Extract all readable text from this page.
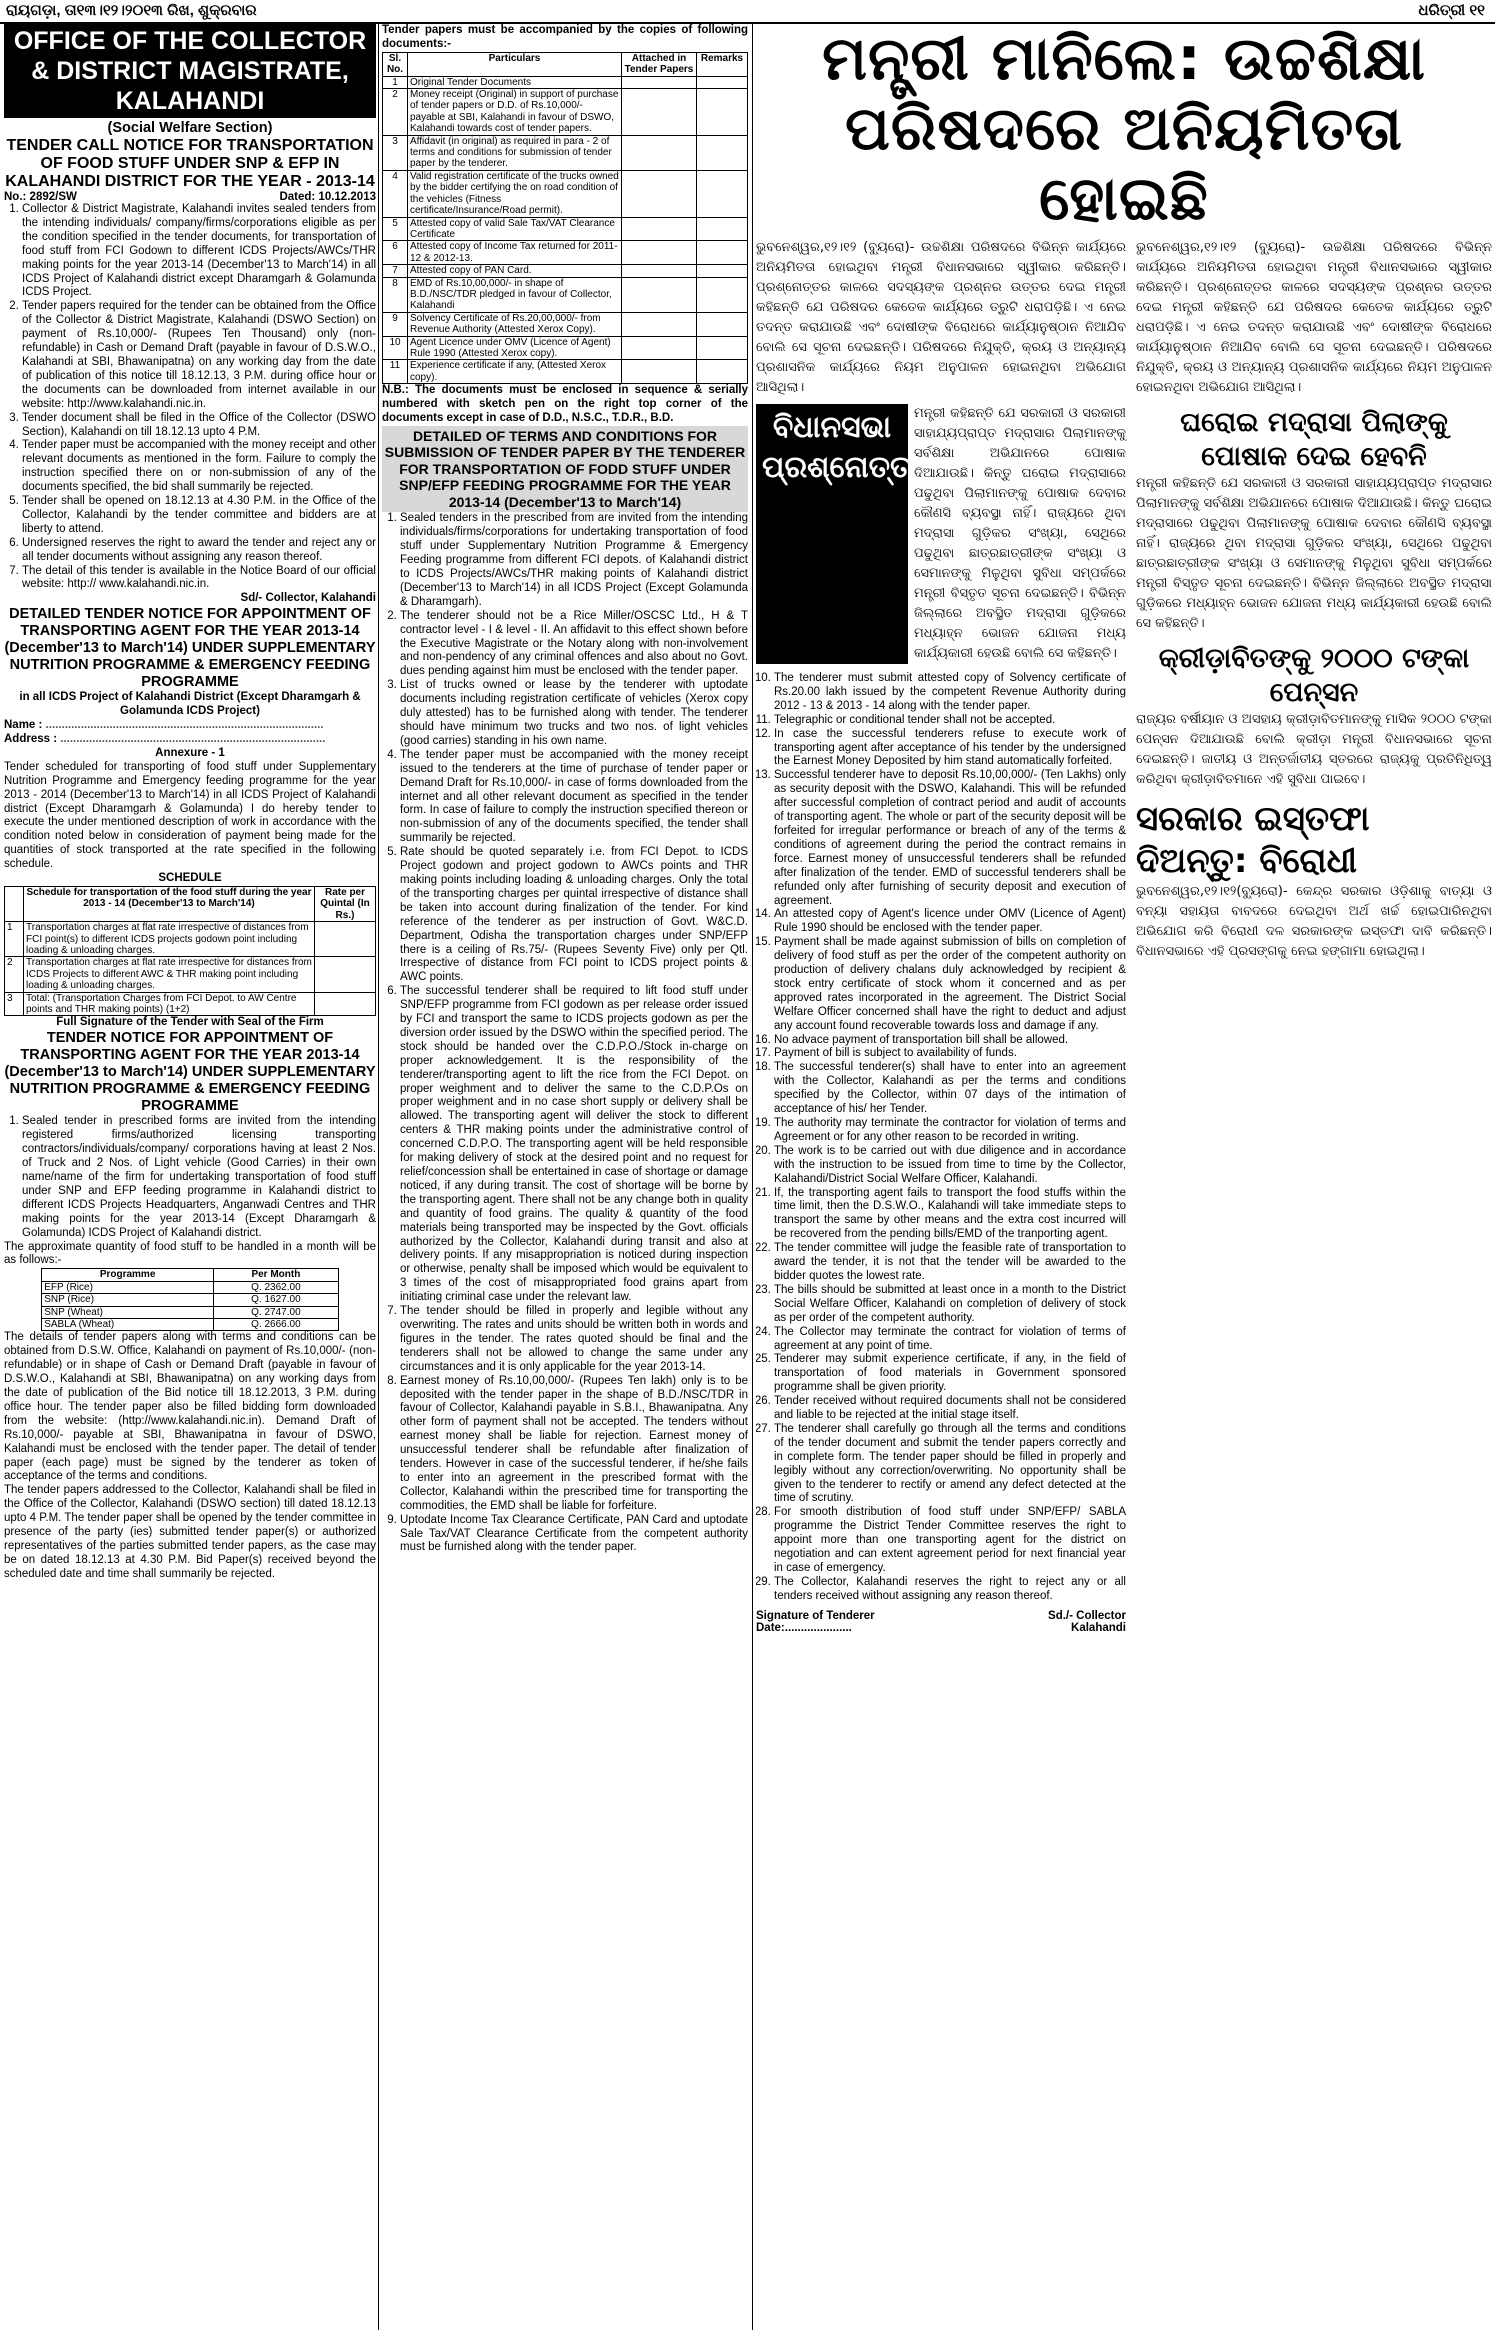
ରାୟଗଡ଼ା, ତା୧୩।୧୨।୨୦୧୩ ରିଖ, ଶୁକ୍ରବାର	ଧରିତ୍ରୀ ୧୧
OFFICE OF THE COLLECTOR & DISTRICT MAGISTRATE, KALAHANDI
(Social Welfare Section)
TENDER CALL NOTICE FOR TRANSPORTATION OF FOOD STUFF UNDER SNP & EFP IN KALAHANDI DISTRICT FOR THE YEAR - 2013-14
No.: 2892/SW	Dated: 10.12.2013
1. Collector & District Magistrate, Kalahandi invites sealed tenders from the intending individuals/ company/firms/corporations eligible as per the condition specified in the tender documents, for transportation of food stuff from FCI Godown to different ICDS Projects/AWCs/THR making points for the year 2013-14 (December'13 to March'14) in all ICDS Project of Kalahandi district except Dharamgarh & Golamunda ICDS Project.
2. Tender papers required for the tender can be obtained from the Office of the Collector & District Magistrate, Kalahandi (DSWO Section) on payment of Rs.10,000/- (Rupees Ten Thousand) only (non-refundable) in Cash or Demand Draft (payable in favour of D.S.W.O., Kalahandi at SBI, Bhawanipatna) on any working day from the date of publication of this notice till 18.12.13, 3 P.M. during office hour or the documents can be downloaded from internet available in our website: http://www.kalahandi.nic.in.
3. Tender document shall be filed in the Office of the Collector (DSWO Section), Kalahandi on till 18.12.13 upto 4 P.M.
4. Tender paper must be accompanied with the money receipt and other relevant documents as mentioned in the form. Failure to comply the instruction specified there on or non-submission of any of the documents specified, the bid shall summarily be rejected.
5. Tender shall be opened on 18.12.13 at 4.30 P.M. in the Office of the Collector, Kalahandi by the tender committee and bidders are at liberty to attend.
6. Undersigned reserves the right to award the tender and reject any or all tender documents without assigning any reason thereof.
7. The detail of this tender is available in the Notice Board of our official website: http:// www.kalahandi.nic.in.
Sd/- Collector, Kalahandi
DETAILED TENDER NOTICE FOR APPOINTMENT OF TRANSPORTING AGENT FOR THE YEAR 2013-14 (December'13 to March'14) UNDER SUPPLEMENTARY NUTRITION PROGRAMME & EMERGENCY FEEDING PROGRAMME
in all ICDS Project of Kalahandi District (Except Dharamgarh & Golamunda ICDS Project)
Name : .......................................................................................
Address : ...................................................................................
Annexure - 1
Tender scheduled for transporting of food stuff under Supplementary Nutrition Programme and Emergency feeding programme for the year 2013 - 2014 (December'13 to March'14) in all ICDS Project of Kalahandi district (Except Dharamgarh & Golamunda) I do hereby tender to execute the under mentioned description of work in accordance with the condition noted below in consideration of payment being made for the quantities of stock transported at the rate specified in the following schedule.
SCHEDULE
	Schedule for transportation of the food stuff during the year 2013 - 14 (December'13 to March'14)	Rate per Quintal (In Rs.)
1	Transportation charges at flat rate irrespective of distances from FCI point(s) to different ICDS projects godown point including loading & unloading charges.	
2	Transportation charges at flat rate irrespective for distances from ICDS Projects to different AWC & THR making point including loading & unloading charges.	
3	Total: (Transportation Charges from FCI Depot. to AW Centre points and THR making points) (1+2)	
Full Signature of the Tender with Seal of the Firm
TENDER NOTICE FOR APPOINTMENT OF TRANSPORTING AGENT FOR THE YEAR 2013-14 (December'13 to March'14) UNDER SUPPLEMENTARY NUTRITION PROGRAMME & EMERGENCY FEEDING PROGRAMME
1. Sealed tender in prescribed forms are invited from the intending registered firms/authorized licensing transporting contractors/individuals/company/ corporations having at least 2 Nos. of Truck and 2 Nos. of Light vehicle (Good Carries) in their own name/name of the firm for undertaking transportation of food stuff under SNP and EFP feeding programme in Kalahandi district to different ICDS Projects Headquarters, Anganwadi Centres and THR making points for the year 2013-14 (Except Dharamgarh & Golamunda) ICDS Project of Kalahandi district.
The approximate quantity of food stuff to be handled in a month will be as follows:-
Programme	Per Month
EFP (Rice)	Q. 2362.00
SNP (Rice)	Q. 1627.00
SNP (Wheat)	Q. 2747.00
SABLA (Wheat)	Q. 2666.00
The details of tender papers along with terms and conditions can be obtained from D.S.W. Office, Kalahandi on payment of Rs.10,000/- (non-refundable) or in shape of Cash or Demand Draft (payable in favour of D.S.W.O., Kalahandi at SBI, Bhawanipatna) on any working days from the date of publication of the Bid notice till 18.12.2013, 3 P.M. during office hour. The tender paper also be filled bidding form downloaded from the website: (http://www.kalahandi.nic.in). Demand Draft of Rs.10,000/- payable at SBI, Bhawanipatna in favour of DSWO, Kalahandi must be enclosed with the tender paper. The detail of tender paper (each page) must be signed by the tenderer as token of acceptance of the terms and conditions.
The tender papers addressed to the Collector, Kalahandi shall be filed in the Office of the Collector, Kalahandi (DSWO section) till dated 18.12.13 upto 4 P.M. The tender paper shall be opened by the tender committee in presence of the party (ies) submitted tender paper(s) or authorized representatives of the parties submitted tender papers, as the case may be on dated 18.12.13 at 4.30 P.M. Bid Paper(s) received beyond the scheduled date and time shall summarily be rejected.
Tender papers must be accompanied by the copies of following documents:-
Sl. No.	Particulars	Attached in Tender Papers	Remarks
1	Original Tender Documents		
2	Money receipt (Original) in support of purchase of tender papers or D.D. of Rs.10,000/- payable at SBI, Kalahandi in favour of DSWO, Kalahandi towards cost of tender papers.		
3	Affidavit (in original) as required in para - 2 of terms and conditions for submission of tender paper by the tenderer.		
4	Valid registration certificate of the trucks owned by the bidder certifying the on road condition of the vehicles (Fitness certificate/Insurance/Road permit).		
5	Attested copy of valid Sale Tax/VAT Clearance Certificate		
6	Attested copy of Income Tax returned for 2011-12 & 2012-13.		
7	Attested copy of PAN Card.		
8	EMD of Rs.10,00,000/- in shape of B.D./NSC/TDR pledged in favour of Collector, Kalahandi		
9	Solvency Certificate of Rs.20,00,000/- from Revenue Authority (Attested Xerox Copy).		
10	Agent Licence under OMV (Licence of Agent) Rule 1990 (Attested Xerox copy).		
11	Experience certificate if any, (Attested Xerox copy).		
N.B.: The documents must be enclosed in sequence & serially numbered with sketch pen on the right top corner of the documents except in case of D.D., N.S.C., T.D.R., B.D.
DETAILED OF TERMS AND CONDITIONS FOR SUBMISSION OF TENDER PAPER BY THE TENDERER FOR TRANSPORTATION OF FODD STUFF UNDER SNP/EFP FEEDING PROGRAMME FOR THE YEAR 2013-14 (December'13 to March'14)
1. Sealed tenders in the prescribed from are invited from the intending individuals/firms/corporations for undertaking transportation of food stuff under Supplementary Nutrition Programme & Emergency Feeding programme from different FCI depots. of Kalahandi district to ICDS Projects/AWCs/THR making points of Kalahandi district (December'13 to March'14) in all ICDS Project (Except Golamunda & Dharamgarh).
2. The tenderer should not be a Rice Miller/OSCSC Ltd., H & T contractor level - I & level - II. An affidavit to this effect shown before the Executive Magistrate or the Notary along with non-involvement and non-pendency of any criminal offences and also about no Govt. dues pending against him must be enclosed with the tender paper.
3. List of trucks owned or lease by the tenderer with uptodate documents including registration certificate of vehicles (Xerox copy duly attested) has to be furnished along with tender. The tenderer should have minimum two trucks and two nos. of light vehicles (good carries) standing in his own name.
4. The tender paper must be accompanied with the money receipt issued to the tenderers at the time of purchase of tender paper or Demand Draft for Rs.10,000/- in case of forms downloaded from the internet and all other relevant document as specified in the tender form. In case of failure to comply the instruction specified thereon or non-submission of any of the documents specified, the tender shall summarily be rejected.
5. Rate should be quoted separately i.e. from FCI Depot. to ICDS Project godown and project godown to AWCs points and THR making points including loading & unloading charges. Only the total of the transporting charges per quintal irrespective of distance shall be taken into account during finalization of the tender. For kind reference of the tenderer as per instruction of Govt. W&C.D. Department, Odisha the transportation charges under SNP/EFP there is a ceiling of Rs.75/- (Rupees Seventy Five) only per Qtl. Irrespective of distance from FCI point to ICDS project points & AWC points.
6. The successful tenderer shall be required to lift food stuff under SNP/EFP programme from FCI godown as per release order issued by FCI and transport the same to ICDS projects godown as per the diversion order issued by the DSWO within the specified period. The stock should be handed over the C.D.P.O./Stock in-charge on proper acknowledgement. It is the responsibility of the tenderer/transporting agent to lift the rice from the FCI Depot. on proper weighment and to deliver the same to the C.D.P.Os on proper weighment and in no case short supply or delivery shall be allowed. The transporting agent will deliver the stock to different centers & THR making points under the administrative control of concerned C.D.P.O. The transporting agent will be held responsible for making delivery of stock at the desired point and no request for relief/concession shall be entertained in case of shortage or damage noticed, if any during transit. The cost of shortage will be borne by the transporting agent. There shall not be any change both in quality and quantity of food grains. The quality & quantity of the food materials being transported may be inspected by the Govt. officials authorized by the Collector, Kalahandi during transit and also at delivery points. If any misappropriation is noticed during inspection or otherwise, penalty shall be imposed which would be equivalent to 3 times of the cost of misappropriated food grains apart from initiating criminal case under the relevant law.
7. The tender should be filled in properly and legible without any overwriting. The rates and units should be written both in words and figures in the tender. The rates quoted should be final and the tenderers shall not be allowed to change the same under any circumstances and it is only applicable for the year 2013-14.
8. Earnest money of Rs.10,00,000/- (Rupees Ten lakh) only is to be deposited with the tender paper in the shape of B.D./NSC/TDR in favour of Collector, Kalahandi payable in S.B.I., Bhawanipatna. Any other form of payment shall not be accepted. The tenders without earnest money shall be liable for rejection. Earnest money of unsuccessful tenderer shall be refundable after finalization of tenders. However in case of the successful tenderer, if he/she fails to enter into an agreement in the prescribed format with the Collector, Kalahandi within the prescribed time for transporting the commodities, the EMD shall be liable for forfeiture.
9. Uptodate Income Tax Clearance Certificate, PAN Card and uptodate Sale Tax/VAT Clearance Certificate from the competent authority must be furnished along with the tender paper.
ମନ୍ତ୍ରୀ ମାନିଲେ: ଉଚ୍ଚଶିକ୍ଷା
ପରିଷଦରେ ଅନିୟମିତତା ହୋଇଛି
ଭୁବନେଶ୍ୱର,୧୨।୧୨ (ବ୍ୟୁରୋ)- ଉଚ୍ଚଶିକ୍ଷା ପରିଷଦରେ ବିଭିନ୍ନ କାର୍ଯ୍ୟରେ ଅନିୟମିତତା ହୋଇଥିବା ମନ୍ତ୍ରୀ ବିଧାନସଭାରେ ସ୍ୱୀକାର କରିଛନ୍ତି। ପ୍ରଶ୍ନୋତ୍ତର କାଳରେ ସଦସ୍ୟଙ୍କ ପ୍ରଶ୍ନର ଉତ୍ତର ଦେଇ ମନ୍ତ୍ରୀ କହିଛନ୍ତି ଯେ ପରିଷଦର କେତେକ କାର୍ଯ୍ୟରେ ତ୍ରୁଟି ଧରାପଡ଼ିଛି। ଏ ନେଇ ତଦନ୍ତ କରାଯାଉଛି ଏବଂ ଦୋଷୀଙ୍କ ବିରୋଧରେ କାର୍ଯ୍ୟାନୁଷ୍ଠାନ ନିଆଯିବ ବୋଲି ସେ ସୂଚନା ଦେଇଛନ୍ତି। ପରିଷଦରେ ନିଯୁକ୍ତି, କ୍ରୟ ଓ ଅନ୍ୟାନ୍ୟ ପ୍ରଶାସନିକ କାର୍ଯ୍ୟରେ ନିୟମ ଅନୁପାଳନ ହୋଇନଥିବା ଅଭିଯୋଗ ଆସିଥିଲା।
ବିଧାନସଭା ପ୍ରଶ୍ନୋତ୍ତର
ମନ୍ତ୍ରୀ କହିଛନ୍ତି ଯେ ସରକାରୀ ଓ ସରକାରୀ ସାହାଯ୍ୟପ୍ରାପ୍ତ ମଦ୍ରାସାର ପିଲାମାନଙ୍କୁ ସର୍ବଶିକ୍ଷା ଅଭିଯାନରେ ପୋଷାକ ଦିଆଯାଉଛି। କିନ୍ତୁ ଘରୋଇ ମଦ୍ରାସାରେ ପଢୁଥିବା ପିଲାମାନଙ୍କୁ ପୋଷାକ ଦେବାର କୌଣସି ବ୍ୟବସ୍ଥା ନାହିଁ। ରାଜ୍ୟରେ ଥିବା ମଦ୍ରାସା ଗୁଡ଼ିକର ସଂଖ୍ୟା, ସେଥିରେ ପଢୁଥିବା ଛାତ୍ରଛାତ୍ରୀଙ୍କ ସଂଖ୍ୟା ଓ ସେମାନଙ୍କୁ ମିଳୁଥିବା ସୁବିଧା ସମ୍ପର୍କରେ ମନ୍ତ୍ରୀ ବିସ୍ତୃତ ସୂଚନା ଦେଇଛନ୍ତି। ବିଭିନ୍ନ ଜିଲ୍ଲାରେ ଅବସ୍ଥିତ ମଦ୍ରାସା ଗୁଡ଼ିକରେ ମଧ୍ୟାହ୍ନ ଭୋଜନ ଯୋଜନା ମଧ୍ୟ କାର୍ଯ୍ୟକାରୀ ହେଉଛି ବୋଲି ସେ କହିଛନ୍ତି।
10. The tenderer must submit attested copy of Solvency certificate of Rs.20.00 lakh issued by the competent Revenue Authority during 2012 - 13 & 2013 - 14 along with the tender paper.
11. Telegraphic or conditional tender shall not be accepted.
12. In case the successful tenderers refuse to execute work of transporting agent after acceptance of his tender by the undersigned the Earnest Money Deposited by him stand automatically forfeited.
13. Successful tenderer have to deposit Rs.10,00,000/- (Ten Lakhs) only as security deposit with the DSWO, Kalahandi. This will be refunded after successful completion of contract period and audit of accounts of transporting agent. The whole or part of the security deposit will be forfeited for irregular performance or breach of any of the terms & conditions of agreement during the period the contract remains in force. Earnest money of unsuccessful tenderers shall be refunded after finalization of the tender. EMD of successful tenderers shall be refunded only after furnishing of security deposit and execution of agreement.
14. An attested copy of Agent's licence under OMV (Licence of Agent) Rule 1990 should be enclosed with the tender paper.
15. Payment shall be made against submission of bills on completion of delivery of food stuff as per the order of the competent authority on production of delivery chalans duly acknowledged by recipient & stock entry certificate of stock whom it concerned and as per approved rates incorporated in the agreement. The District Social Welfare Officer concerned shall have the right to deduct and adjust any account found recoverable towards loss and damage if any.
16. No advace payment of transportation bill shall be allowed.
17. Payment of bill is subject to availability of funds.
18. The successful tenderer(s) shall have to enter into an agreement with the Collector, Kalahandi as per the terms and conditions specified by the Collector, within 07 days of the intimation of acceptance of his/ her Tender.
19. The authority may terminate the contractor for violation of terms and Agreement or for any other reason to be recorded in writing.
20. The work is to be carried out with due diligence and in accordance with the instruction to be issued from time to time by the Collector, Kalahandi/District Social Welfare Officer, Kalahandi.
21. If, the transporting agent fails to transport the food stuffs within the time limit, then the D.S.W.O., Kalahandi will take immediate steps to transport the same by other means and the extra cost incurred will be recovered from the pending bills/EMD of the tranporting agent.
22. The tender committee will judge the feasible rate of transportation to award the tender, it is not that the tender will be awarded to the bidder quotes the lowest rate.
23. The bills should be submitted at least once in a month to the District Social Welfare Officer, Kalahandi on completion of delivery of stock as per order of the competent authority.
24. The Collector may terminate the contract for violation of terms of agreement at any point of time.
25. Tenderer may submit experience certificate, if any, in the field of transportation of food materials in Government sponsored programme shall be given priority.
26. Tender received without required documents shall not be considered and liable to be rejected at the initial stage itself.
27. The tenderer shall carefully go through all the terms and conditions of the tender document and submit the tender papers correctly and in complete form. The tender paper should be filled in properly and legibly without any correction/overwriting. No opportunity shall be given to the tenderer to rectify or amend any defect detected at the time of scrutiny.
28. For smooth distribution of food stuff under SNP/EFP/ SABLA programme the District Tender Committee reserves the right to appoint more than one transporting agent for the district on negotiation and can extent agreement period for next financial year in case of emergency.
29. The Collector, Kalahandi reserves the right to reject any or all tenders received without assigning any reason thereof.
Signature of Tenderer	Sd./- Collector
Date:.....................	Kalahandi
ଭୁବନେଶ୍ୱର,୧୨।୧୨ (ବ୍ୟୁରୋ)- ଉଚ୍ଚଶିକ୍ଷା ପରିଷଦରେ ବିଭିନ୍ନ କାର୍ଯ୍ୟରେ ଅନିୟମିତତା ହୋଇଥିବା ମନ୍ତ୍ରୀ ବିଧାନସଭାରେ ସ୍ୱୀକାର କରିଛନ୍ତି। ପ୍ରଶ୍ନୋତ୍ତର କାଳରେ ସଦସ୍ୟଙ୍କ ପ୍ରଶ୍ନର ଉତ୍ତର ଦେଇ ମନ୍ତ୍ରୀ କହିଛନ୍ତି ଯେ ପରିଷଦର କେତେକ କାର୍ଯ୍ୟରେ ତ୍ରୁଟି ଧରାପଡ଼ିଛି। ଏ ନେଇ ତଦନ୍ତ କରାଯାଉଛି ଏବଂ ଦୋଷୀଙ୍କ ବିରୋଧରେ କାର୍ଯ୍ୟାନୁଷ୍ଠାନ ନିଆଯିବ ବୋଲି ସେ ସୂଚନା ଦେଇଛନ୍ତି। ପରିଷଦରେ ନିଯୁକ୍ତି, କ୍ରୟ ଓ ଅନ୍ୟାନ୍ୟ ପ୍ରଶାସନିକ କାର୍ଯ୍ୟରେ ନିୟମ ଅନୁପାଳନ ହୋଇନଥିବା ଅଭିଯୋଗ ଆସିଥିଲା।
ଘରୋଇ ମଦ୍ରାସା ପିଲାଙ୍କୁ
ପୋଷାକ ଦେଇ ହେବନି
ମନ୍ତ୍ରୀ କହିଛନ୍ତି ଯେ ସରକାରୀ ଓ ସରକାରୀ ସାହାଯ୍ୟପ୍ରାପ୍ତ ମଦ୍ରାସାର ପିଲାମାନଙ୍କୁ ସର୍ବଶିକ୍ଷା ଅଭିଯାନରେ ପୋଷାକ ଦିଆଯାଉଛି। କିନ୍ତୁ ଘରୋଇ ମଦ୍ରାସାରେ ପଢୁଥିବା ପିଲାମାନଙ୍କୁ ପୋଷାକ ଦେବାର କୌଣସି ବ୍ୟବସ୍ଥା ନାହିଁ। ରାଜ୍ୟରେ ଥିବା ମଦ୍ରାସା ଗୁଡ଼ିକର ସଂଖ୍ୟା, ସେଥିରେ ପଢୁଥିବା ଛାତ୍ରଛାତ୍ରୀଙ୍କ ସଂଖ୍ୟା ଓ ସେମାନଙ୍କୁ ମିଳୁଥିବା ସୁବିଧା ସମ୍ପର୍କରେ ମନ୍ତ୍ରୀ ବିସ୍ତୃତ ସୂଚନା ଦେଇଛନ୍ତି। ବିଭିନ୍ନ ଜିଲ୍ଲାରେ ଅବସ୍ଥିତ ମଦ୍ରାସା ଗୁଡ଼ିକରେ ମଧ୍ୟାହ୍ନ ଭୋଜନ ଯୋଜନା ମଧ୍ୟ କାର୍ଯ୍ୟକାରୀ ହେଉଛି ବୋଲି ସେ କହିଛନ୍ତି।
କ୍ରୀଡ଼ାବିତଙ୍କୁ ୨୦୦୦ ଟଙ୍କା ପେନ୍‌ସନ
ରାଜ୍ୟର ବର୍ଷୀୟାନ ଓ ଅସହାୟ କ୍ରୀଡ଼ାବିତମାନଙ୍କୁ ମାସିକ ୨୦୦୦ ଟଙ୍କା ପେନ୍‌ସନ ଦିଆଯାଉଛି ବୋଲି କ୍ରୀଡ଼ା ମନ୍ତ୍ରୀ ବିଧାନସଭାରେ ସୂଚନା ଦେଇଛନ୍ତି। ଜାତୀୟ ଓ ଅନ୍ତର୍ଜାତୀୟ ସ୍ତରରେ ରାଜ୍ୟକୁ ପ୍ରତିନିଧିତ୍ୱ କରିଥିବା କ୍ରୀଡ଼ାବିତମାନେ ଏହି ସୁବିଧା ପାଇବେ।
ସରକାର ଇସ୍ତଫା ଦିଅନ୍ତୁ: ବିରୋଧୀ
ଭୁବନେଶ୍ୱର,୧୨।୧୨(ବ୍ୟୁରୋ)- କେନ୍ଦ୍ର ସରକାର ଓଡ଼ିଶାକୁ ବାତ୍ୟା ଓ ବନ୍ୟା ସହାୟତା ବାବଦରେ ଦେଇଥିବା ଅର୍ଥ ଖର୍ଚ୍ଚ ହୋଇପାରିନଥିବା ଅଭିଯୋଗ କରି ବିରୋଧୀ ଦଳ ସରକାରଙ୍କ ଇସ୍ତଫା ଦାବି କରିଛନ୍ତି। ବିଧାନସଭାରେ ଏହି ପ୍ରସଙ୍ଗକୁ ନେଇ ହଙ୍ଗାମା ହୋଇଥିଲା।
